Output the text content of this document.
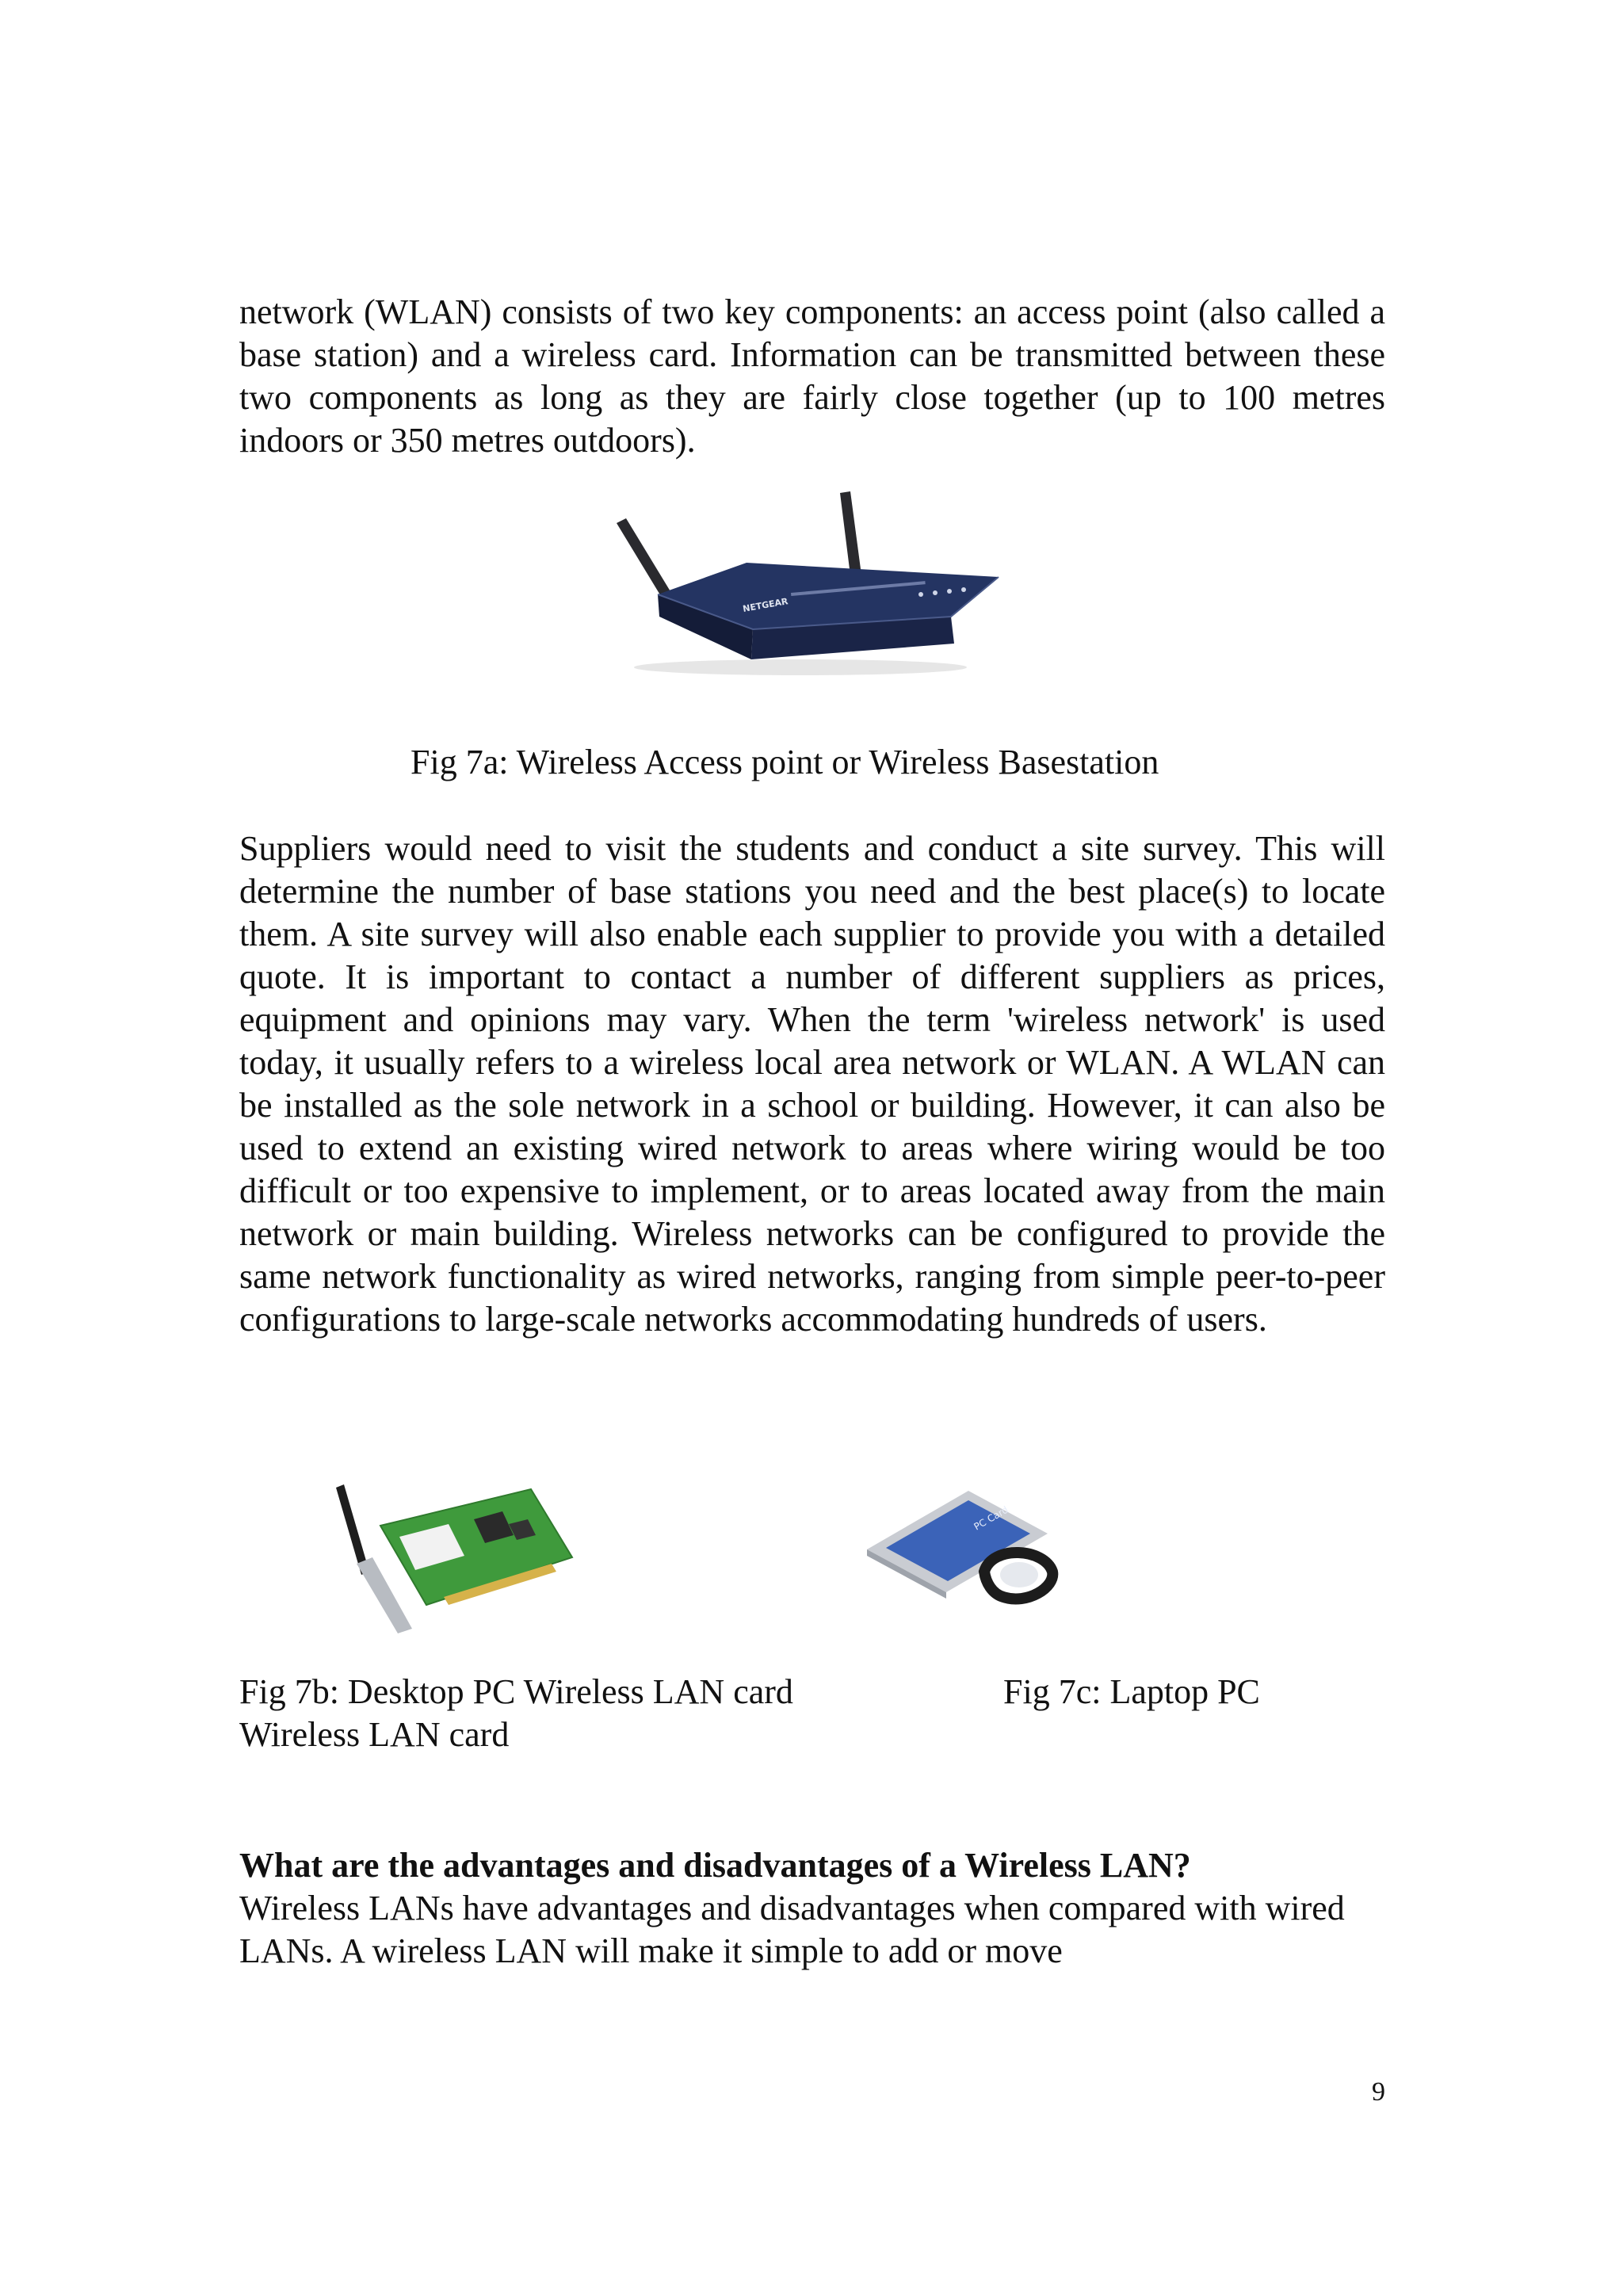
network (WLAN) consists of two key components: an access point (also called a base station) and a wireless card. Information can be transmitted between these two components as long as they are fairly close together (up to 100 metres indoors or 350 metres outdoors).

NETGEAR

Fig 7a: Wireless Access point or Wireless Basestation

Suppliers would need to visit the students and conduct a site survey. This will determine the number of base stations you need and the best place(s) to locate them. A site survey will also enable each supplier to provide you with a detailed quote. It is important to contact a number of different suppliers as prices, equipment and opinions may vary. When the term 'wireless network' is used today, it usually refers to a wireless local area network or WLAN. A WLAN can be installed as the sole network in a school or building. However, it can also be used to extend an existing wired network to areas where wiring would be too difficult or too expensive to implement, or to areas located away from the main network or main building. Wireless networks can be configured to provide the same network functionality as wired networks, ranging from simple peer-to-peer configurations to large-scale networks accommodating hundreds of users.

PC Card

Fig 7b: Desktop PC Wireless LAN card	Fig 7c: Laptop PC

Wireless LAN card

What are the advantages and disadvantages of a Wireless LAN?

Wireless LANs have advantages and disadvantages when compared with wired LANs. A wireless LAN will make it simple to add or move

9
